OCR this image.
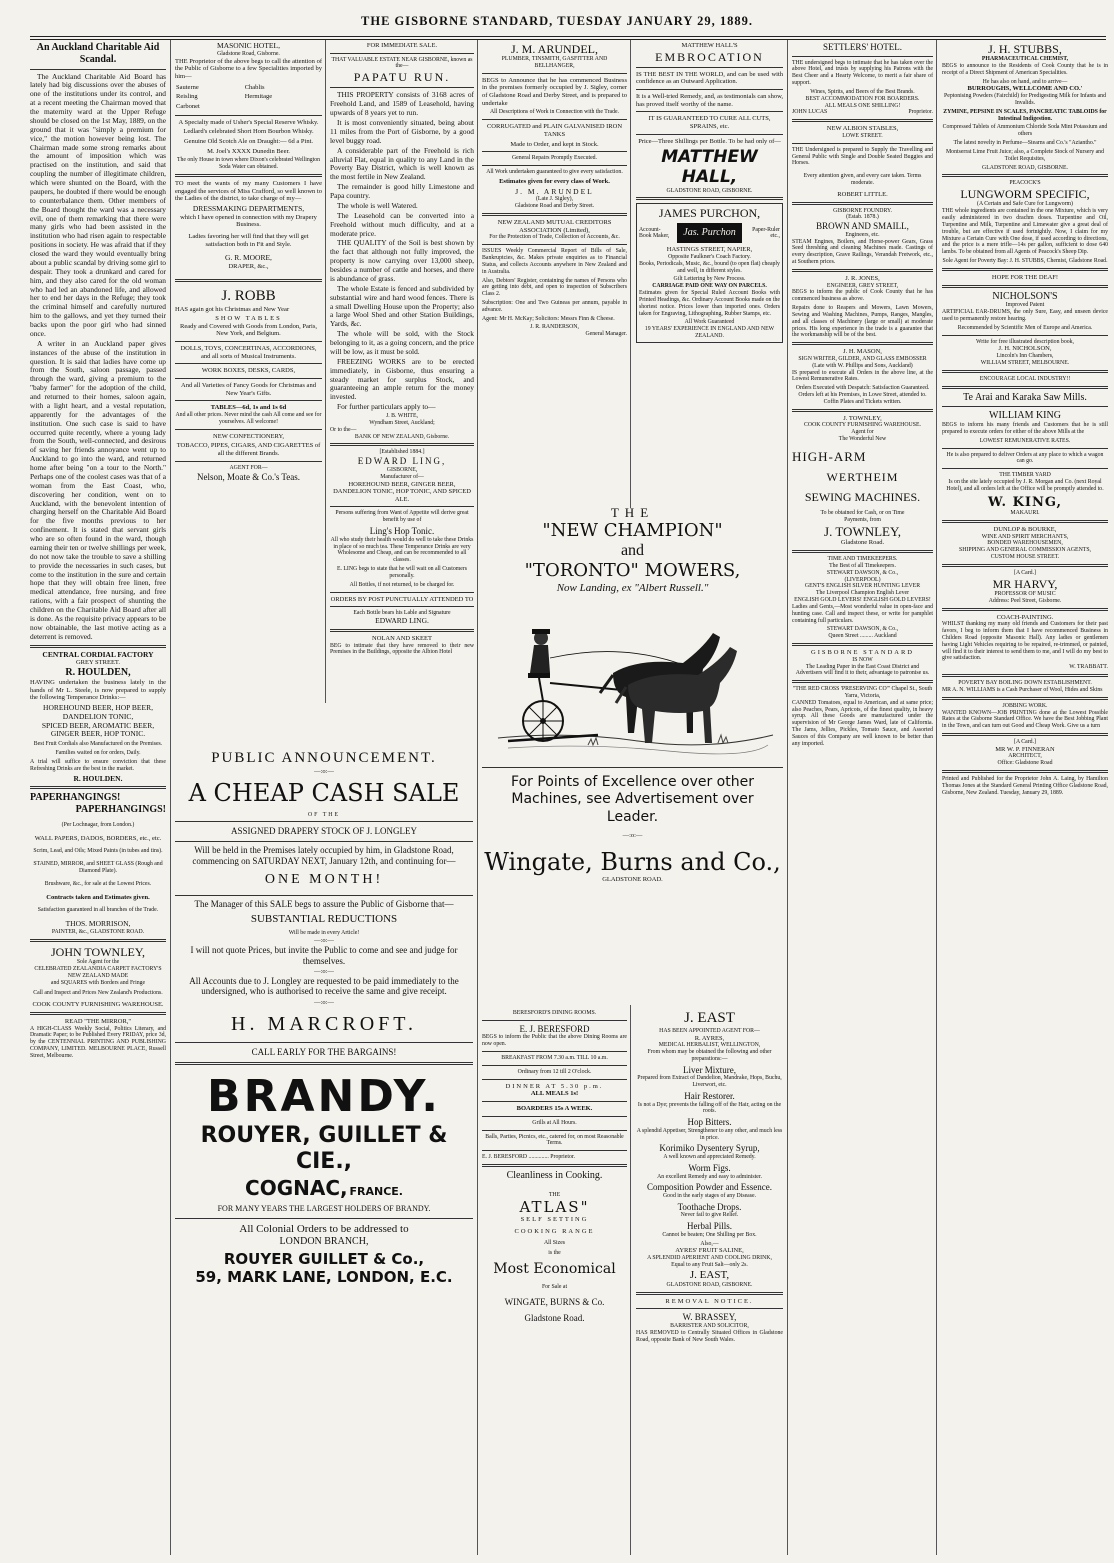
THE GISBORNE STANDARD, TUESDAY JANUARY 29, 1889.
An Auckland Charitable Aid Scandal.

The Auckland Charitable Aid Board has lately had big discussions over the abuses of one of the institutions under its control, and at a recent meeting the Chairman moved that the maternity ward at the Upper Refuge should be closed on the 1st May, 1889, on the ground that it was "simply a premium for vice," the motion however being lost. The Chairman made some strong remarks about the amount of imposition which was practised on the institution, and said that coupling the number of illegitimate children, which were shunted on the Board, with the paupers, he doubted if there would be enough to counterbalance them. Other members of the Board thought the ward was a necessary evil, one of them remarking that there were many girls who had been assisted in the institution who had risen again to respectable positions in society. He was afraid that if they closed the ward they would eventually bring about a public scandal by driving some girl to despair. They took a drunkard and cared for him, and they also cared for the old woman who had led an abandoned life, and allowed her to end her days in the Refuge; they took the criminal himself and carefully nurtured him to the gallows, and yet they turned their backs upon the poor girl who had sinned once.

A writer in an Auckland paper gives instances of the abuse of the institution in question. It is said that ladies have come up from the South, saloon passage, passed through the ward, giving a premium to the "baby farmer" for the adoption of the child, and returned to their homes, saloon again, with a light heart, and a vestal reputation, apparently for the advantages of the institution. One such case is said to have occurred quite recently, where a young lady from the South, well-connected, and desirous of saving her friends annoyance went up to Auckland to go into the ward, and returned home after being "on a tour to the North." Perhaps one of the coolest cases was that of a woman from the East Coast, who, discovering her condition, went on to Auckland, with the benevolent intention of charging herself on the Charitable Aid Board for the five months previous to her confinement. It is stated that servant girls who are so often found in the ward, though earning their ten or twelve shillings per week, do not now take the trouble to save a shilling to provide the necessaries in such cases, but come to the institution in the sure and certain hope that they will obtain free linen, free medical attendance, free nursing, and free rations, with a fair prospect of shunting the children on the Charitable Aid Board after all is done. As the requisite privacy appears to be now obtainable, the last motive acting as a deterrent is removed.

CENTRAL CORDIAL FACTORY
GREY STREET.
R. HOULDEN,

HAVING undertaken the business lately in the hands of Mr L. Steele, is now prepared to supply the following Temperance Drinks:—

HOREHOUND BEER, HOP BEER,
DANDELION TONIC,
SPICED BEER, AROMATIC BEER,
GINGER BEER, HOP TONIC.

Best Fruit Cordials also Manufactured on the Premises.

Families waited on for orders, Daily.

A trial will suffice to ensure conviction that these Refreshing Drinks are the best in the market.

R. HOULDEN.
PAPERHANGINGS!
PAPERHANGINGS!
(Per Lochnagar, from London.)
WALL PAPERS, DADOS, BORDERS, etc., etc.
Scrim, Lead, and Oils; Mixed Paints (in tubes and tins).
STAINED, MIRROR, and SHEET GLASS (Rough and Diamond Plate).
Brushware, &c., for sale at the Lowest Prices.
Contracts taken and Estimates given.
Satisfaction guaranteed in all branches of the Trade.
THOS. MORRISON,
PAINTER, &c., GLADSTONE ROAD.
JOHN TOWNLEY,
Sole Agent for the
CELEBRATED ZEALANDIA CARPET FACTORY'S NEW ZEALAND MADE
and SQUARES with Borders and Fringe
Call and Inspect and Prices New Zealand's Productions.
COOK COUNTY FURNISHING WAREHOUSE.
READ "THE MIRROR,"

A HIGH-CLASS Weekly Social, Politics Literary, and Dramatic Paper; to be Published Every FRIDAY, price 3d, by the CENTENNIAL PRINTING AND PUBLISHING COMPANY, LIMITED. MELBOURNE PLACE, Russell Street, Melbourne.

MASONIC HOTEL,
Gladstone Road, Gisborne.

THE Proprietor of the above begs to call the attention of the Public of Gisborne to a few Specialities imported by him—

Sauterne	Chablis
Reisling	Hermitage
Carbonet	

A Specialty made of Usher's Special Reserve Whisky.

Ledlard's celebrated Short Horn Bourbon Whisky.

Genuine Old Scotch Ale on Draught:— 6d a Pint.

M. Joel's XXXX Dunedin Beer.

The only House in town where Dixon's celebrated Wellington Soda Water can obtained.

TO meet the wants of my many Customers I have engaged the services of Miss Crafford, so well known to the Ladies of the district, to take charge of my—

DRESSMAKING DEPARTMENTS,

which I have opened in connection with my Drapery Business.

Ladies favoring her will find that they will get satisfaction both in Fit and Style.

G. R. MOORE,
DRAPER, &c.,
J. ROBB

HAS again got his Christmas and New Year

SHOW TABLES

Ready and Covered with Goods from London, Paris, New York, and Belgium.

DOLLS, TOYS, CONCERTINAS, ACCORDIONS, and all sorts of Musical Instruments.

WORK BOXES, DESKS, CARDS,

And all Varieties of Fancy Goods for Christmas and New Year's Gifts.

TABLES—6d, 1s and 1s 6d

And all other prices. Never mind the cash All come and see for yourselves. All welcome!

NEW CONFECTIONERY,

TOBACCO, PIPES, CIGARS, AND CIGARETTES of all the different Brands.

AGENT FOR—
Nelson, Moate & Co.'s Teas.
FOR IMMEDIATE SALE.
THAT VALUABLE ESTATE NEAR GISBORNE, known as the—
PAPATU RUN.

THIS PROPERTY consists of 3168 acres of Freehold Land, and 1589 of Leasehold, having upwards of 8 years yet to run.

It is most conveniently situated, being about 11 miles from the Port of Gisborne, by a good level buggy road.

A considerable part of the Freehold is rich alluvial Flat, equal in quality to any Land in the Poverty Bay District, which is well known as the most fertile in New Zealand.

The remainder is good hilly Limestone and Papa country.

The whole is well Watered.

The Leasehold can be converted into a Freehold without much difficulty, and at a moderate price.

THE QUALITY of the Soil is best shown by the fact that although not fully improved, the property is now carrying over 13,000 sheep, besides a number of cattle and horses, and there is abundance of grass.

The whole Estate is fenced and subdivided by substantial wire and hard wood fences. There is a small Dwelling House upon the Property; also a large Wool Shed and other Station Buildings, Yards, &c.

The whole will be sold, with the Stock belonging to it, as a going concern, and the price will be low, as it must be sold.

FREEZING WORKS are to be erected immediately, in Gisborne, thus ensuring a steady market for surplus Stock, and guaranteeing an ample return for the money invested.

For further particulars apply to—

J. B. WHITE,
Wyndham Street, Auckland;
Or to the—
BANK OF NEW ZEALAND, Gisborne.
[Established 1884.]
EDWARD LING,
GISBORNE,
Manufacturer of—
HOREHOUND BEER, GINGER BEER, DANDELION TONIC, HOP TONIC, AND SPICED ALE.

Persons suffering from Want of Appetite will derive great benefit by use of

Ling's Hop Tonic.

All who study their health would do well to take these Drinks in place of so much tea. These Temperance Drinks are very Wholesome and Cheap, and can be recommended to all classes.

E. LING begs to state that he will wait on all Customers personally.

All Bottles, if not returned, to be charged for.

ORDERS BY POST PUNCTUALLY ATTENDED TO
Each Bottle bears his Lable and Signature
EDWARD LING.
NOLAN AND SKEET

BEG to intimate that they have removed to their new Premises in the Buildings, opposite the Albion Hotel

PUBLIC ANNOUNCEMENT.
—:o:—
A CHEAP CASH SALE
OF THE
ASSIGNED DRAPERY STOCK OF J. LONGLEY

Will be held in the Premises lately occupied by him, in Gladstone Road, commencing on SATURDAY NEXT, January 12th, and continuing for—

ONE MONTH!

The Manager of this SALE begs to assure the Public of Gisborne that—

SUBSTANTIAL REDUCTIONS
Will be made in every Article!
—:o:—

I will not quote Prices, but invite the Public to come and see and judge for themselves.

—:o:—

All Accounts due to J. Longley are requested to be paid immediately to the undersigned, who is authorised to receive the same and give receipt.

—:o:—
H. MARCROFT.
CALL EARLY FOR THE BARGAINS!
BRANDY.
ROUYER, GUILLET & CIE.,
COGNAC, FRANCE.
FOR MANY YEARS THE LARGEST HOLDERS OF BRANDY.
All Colonial Orders to be addressed to
LONDON BRANCH,
ROUYER GUILLET & Co.,
59, MARK LANE, LONDON, E.C.
J. M. ARUNDEL,
PLUMBER, TINSMITH, GASFITTER AND BELLHANGER,

BEGS to Announce that he has commenced Business in the premises formerly occupied by J. Sigley, corner of Gladstone Road and Derby Street, and is prepared to undertake

All Descriptions of Work in Connection with the Trade.

CORRUGATED and PLAIN GALVANISED IRON TANKS

Made to Order, and kept in Stock.

General Repairs Promptly Executed.

All Work undertaken guaranteed to give every satisfaction.

Estimates given for every class of Work.

J. M. ARUNDEL
(Late J. Sigley),
Gladstone Road and Derby Street.
NEW ZEALAND MUTUAL CREDITORS ASSOCIATION (Limited),
For the Protection of Trade, Collection of Accounts, &c.

ISSUES Weekly Commercial Report of Bills of Sale, Bankruptcies, &c. Makes private enquiries as to Financial Status, and collects Accounts anywhere in New Zealand and in Australia.

Also, Debtors' Register, containing the names of Persons who are getting into debt, and open to inspection of Subscribers Class 2.

Subscription: One and Two Guineas per annum, payable in advance.

Agent: Mr H. McKay; Solicitors: Messrs Finn & Cheese.

J. R. RANDERSON,
General Manager.
MATTHEW HALL'S
EMBROCATION

IS THE BEST IN THE WORLD, and can be used with confidence as an Outward Application.

It is a Well-tried Remedy, and, as testimonials can show, has proved itself worthy of the name.

IT IS GUARANTEED TO CURE ALL CUTS, SPRAINS, etc.

Price—Three Shillings per Bottle. To be had only of—

MATTHEW HALL,
GLADSTONE ROAD, GISBORNE.
JAMES PURCHON,
Account-Book Maker,	Jas. Purchon	Paper-Ruler etc.,
HASTINGS STREET, NAPIER,
Opposite Faulkner's Coach Factory.

Books, Periodicals, Music, &c., bound (to open flat) cheaply and well, in different styles.

Gilt Lettering by New Process.
CARRIAGE PAID ONE WAY ON PARCELS.

Estimates given for Special Ruled Account Books with Printed Headings, &c. Ordinary Account Books made on the shortest notice. Prices lower than imported ones. Orders taken for Engraving, Lithographing, Rubber Stamps, etc.

All Work Guaranteed
19 YEARS' EXPERIENCE IN ENGLAND AND NEW ZEALAND.
THE
"NEW CHAMPION"
and
"TORONTO" MOWERS,
Now Landing, ex "Albert Russell."
For Points of Excellence over other Machines, see Advertisement over Leader.
—:o:—
Wingate, Burns and Co.,
GLADSTONE ROAD.
BERESFORD'S DINING ROOMS.
E. J. BERESFORD

BEGS to inform the Public that the above Dining Rooms are now open.

BREAKFAST FROM 7.30 a.m. TILL 10 a.m.
Ordinary from 12 till 2 O'clock.
DINNER AT 5.30 p.m.
ALL MEALS 1s!
BOARDERS 15s A WEEK.
Grills at All Hours.

Balls, Parties, Picnics, etc., catered for, on most Reasonable Terms.

E. J. BERESFORD .............. Proprietor.
Cleanliness in Cooking.
THE
ATLAS"
SELF SETTING
COOKING RANGE
All Sizes
is the
Most Economical
For Sale at
WINGATE, BURNS & Co.
Gladstone Road.
J. EAST
HAS BEEN APPOINTED AGENT FOR—
R. AYRES,
MEDICAL HERBALIST, WELLINGTON,

From whom may be obtained the following and other preparations:—

Liver Mixture,

Prepared from Extract of Dandelion, Mandrake, Hops, Buchu, Liverwort, etc.

Hair Restorer.

Is not a Dye; prevents the falling off of the Hair, acting on the roots.

Hop Bitters.

A splendid Appetiser, Strengthener to any other, and much less in price.

Korimiko Dysentery Syrup,

A well known and appreciated Remedy.

Worm Figs.

An excellent Remedy and easy to administer.

Composition Powder and Essence.

Good in the early stages of any Disease.

Toothache Drops.

Never fail to give Relief.

Herbal Pills.

Cannot be beaten; One Shilling per Box.

Also,—
AYRES' FRUIT SALINE,
A SPLENDID APERIENT AND COOLING DRINK,
Equal to any Fruit Salt—only 2s.
J. EAST,
GLADSTONE ROAD, GISBORNE.
REMOVAL NOTICE.
W. BRASSEY,
BARRISTER AND SOLICITOR,

HAS REMOVED to Centrally Situated Offices in Gladstone Road, opposite Bank of New South Wales.

SETTLERS' HOTEL.

THE undersigned begs to intimate that he has taken over the above Hotel, and trusts by supplying his Patrons with the Best Cheer and a Hearty Welcome, to merit a fair share of support.

Wines, Spirits, and Beers of the Best Brands.
BEST ACCOMMODATION FOR BOARDERS.
ALL MEALS ONE SHILLING!
JOHN LUCAS	Proprietor.
NEW ALBION STABLES,
LOWE STREET.

THE Undersigned is prepared to Supply the Travelling and General Public with Single and Double Seated Buggies and Horses.

Every attention given, and every care taken. Terms moderate.
ROBERT LITTLE.
GISBORNE FOUNDRY.
(Estab. 1878.)
BROWN AND SMAILL,
Engineers, etc.

STEAM Engines, Boilers, and Horse-power Gears, Grass Seed threshing and cleaning Machines made. Castings of every description, Grave Railings, Verandah Fretwork, etc., at Southern prices.

J. R. JONES,
ENGINEER, GREY STREET,

BEGS to inform the public of Cook County that he has commenced business as above.

Repairs done to Reapers and Mowers, Lawn Mowers, Sewing and Washing Machines, Pumps, Ranges, Mangles, and all classes of Machinery (large or small) at moderate prices. His long experience in the trade is a guarantee that the workmanship will be of the best.

J. H. MASON,
SIGN WRITER, GILDER, AND GLASS EMBOSSER
(Late with W. Phillips and Sons, Auckland)

IS prepared to execute all Orders in the above line, at the Lowest Remunerative Rates.

Orders Executed with Despatch: Satisfaction Guaranteed.
Orders left at his Premises, in Lowe Street, attended to.
Coffin Plates and Tickets written.
J. TOWNLEY,
COOK COUNTY FURNISHING WAREHOUSE.
Agent for
The Wonderful New
HIGH-ARM
WERTHEIM
SEWING MACHINES.
To be obtained for Cash, or on Time
Payments, from
J. TOWNLEY,
Gladstone Road.
TIME AND TIMEKEEPERS.
The Best of all Timekeepers.
STEWART DAWSON, & Co.,
(LIVERPOOL)
GENT'S ENGLISH SILVER HUNTING LEVER
The Liverpool Champion English Lever
ENGLISH GOLD LEVERS! ENGLISH GOLD LEVERS!

Ladies and Gents,—Most wonderful value in open-face and hunting case. Call and inspect these, or write for pamphlet containing full particulars.

STEWART DAWSON, & Co.,
Queen Street ......... Auckland
GISBORNE STANDARD
IS NOW

The Leading Paper in the East Coast District and Advertisers will find it to their, advantage to patronise us.

"THE RED CROSS 'PRESERVING CO'" Chapel St., South Yarra, Victoria,

CANNED Tomatoes, equal to American, and at same price; also Peaches, Pears, Apricots, of the finest quality, in heavy syrup. All these Goods are manufactured under the supervision of Mr George James Ward, late of California. The Jams, Jellies, Pickles, Tomato Sauce, and Assorted Sauces of this Company are well known to be better than any imported.

J. H. STUBBS,
PHARMACEUTICAL CHEMIST,

BEGS to announce to the Residents of Cook County that he is in receipt of a Direct Shipment of American Specialities.

He has also on hand, and to arrive—
BURROUGHS, WELLCOME AND CO.'

Peptonising Powders (Fairchild) for Predigesting Milk for Infants and Invalids.

ZYMINE, PEPSINE IN SCALES, PANCREATIC TABLOIDS for Intestinal Indigestion.

Compressed Tablets of Ammonium Chloride Soda Mint Potassium and others

The latest novelty in Perfume—Stearns and Co.'s "Aziantho."

Montserrat Lime Fruit Juice; also, a Complete Stock of Nursery and Toilet Requisites,

GLADSTONE ROAD, GISBORNE.
PEACOCK'S
LUNGWORM SPECIFIC,
(A Certain and Safe Cure for Lungworm)

THE whole ingredients are contained in the one Mixture, which is very easily administered in two drachm doses. Turpentine and Oil, Turpentine and Milk, Turpentine and Limewater give a great deal of trouble, but are effective if used fortnightly. Now, I claim for my Mixture a Certain Cure with One dose, if used according to directions, and the price is a mere trifle—14s per gallon, sufficient to dose 640 lambs. To be obtained from all Agents of Peacock's Sheep Dip.

Sole Agent for Poverty Bay: J. H. STUBBS, Chemist, Gladstone Road.

HOPE FOR THE DEAF!
NICHOLSON'S
Improved Patent

ARTIFICIAL EAR-DRUMS, the only Sure, Easy, and unseen device used to permanently restore hearing.

Recommended by Scientific Men of Europe and America.
Write for free illustrated description book,
J. H. NICHOLSON,
Lincoln's Inn Chambers,
WILLIAM STREET, MELBOURNE.
ENCOURAGE LOCAL INDUSTRY!!
Te Arai and Karaka Saw Mills.
WILLIAM KING

BEGS to inform his many friends and Customers that he is still prepared to execute orders for either of the above Mills at the

LOWEST REMUNERATIVE RATES.

He is also prepared to deliver Orders at any place to which a wagon can go.

THE TIMBER YARD

Is on the site lately occupied by J. R. Morgan and Co. (next Royal Hotel), and all orders left at the Office will be promptly attended to.

W. KING,
MAKAURI.
DUNLOP & BOURKE,
WINE AND SPIRIT MERCHANTS,
BONDED WAREHOUSEMEN,
SHIPPING AND GENERAL COMMISSION AGENTS,
CUSTOM HOUSE STREET.
[A Card.]
MR HARVY,
PROFESSOR OF MUSIC
Address: Peel Street, Gisborne.
COACH-PAINTING.

WHILST thanking my many old friends and Customers for their past favors, I beg to inform them that I have recommenced Business in Childers Road (opposite Masonic Hall). Any ladies or gentlemen having Light Vehicles requiring to be repaired, re-trimmed, or painted, will find it to their interest to send them to me, and I will do my best to give satisfaction.

W. TRABBATT.
POVERTY BAY BOILING DOWN ESTABLISHMENT.

MR A. N. WILLIAMS is a Cash Purchaser of Wool, Hides and Skins

JOBBING WORK.

WANTED KNOWN—JOB PRINTING done at the Lowest Possible Rates at the Gisborne Standard Office. We have the Best Jobbing Plant in the Town, and can turn out Good and Cheap Work. Give us a turn

[A Card.]
MR W. P. FINNERAN
ARCHITECT,
Office: Gladstone Road

Printed and Published for the Proprietor John A. Laing, by Hamilton Thomas Jones at the Standard General Printing Office Gladstone Road, Gisborne, New Zealand. Tuesday, January 29, 1889.
